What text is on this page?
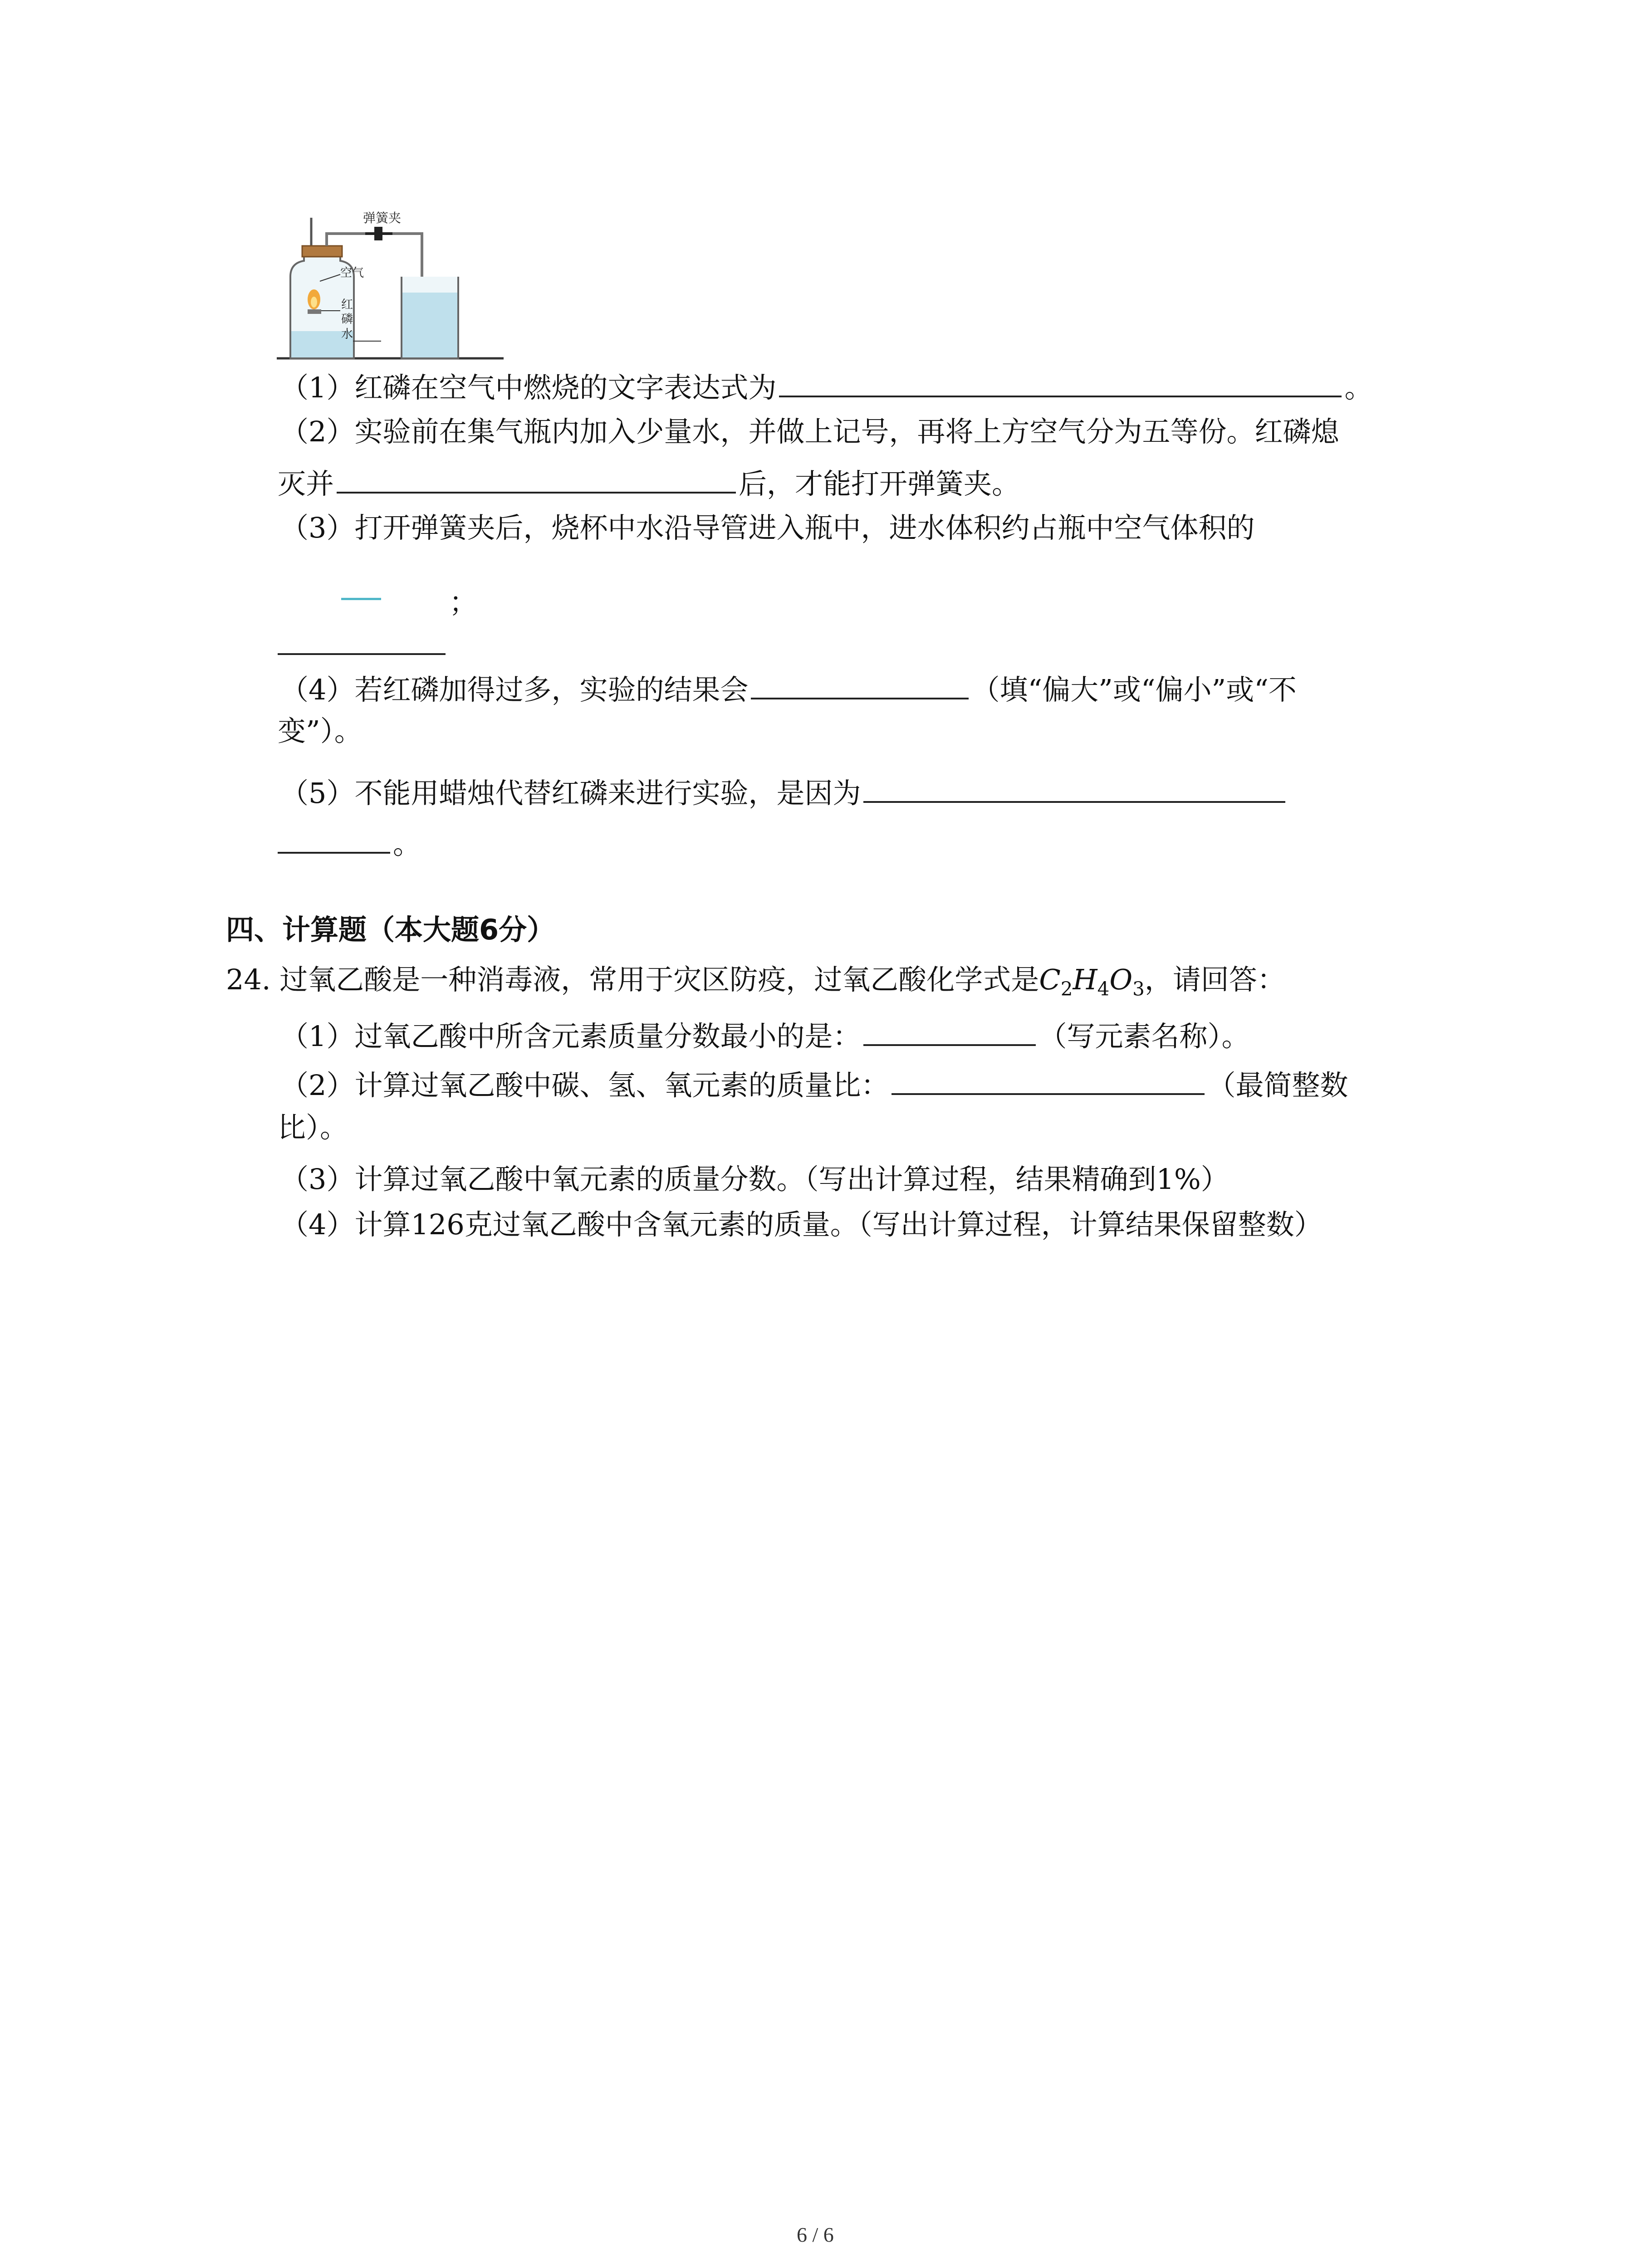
弹簧夹
空气
红
磷
水
（1）红磷在空气中燃烧的文字表达式为	。
（2）实验前在集气瓶内加入少量水，并做上记号，再将上方空气分为五等份。红磷熄
灭并	后，才能打开弹簧夹。
（3）打开弹簧夹后，烧杯中水沿导管进入瓶中，进水体积约占瓶中空气体积的
；
（4）若红磷加得过多，实验的结果会	（填“偏大”或“偏小”或“不
变”）。
（5）不能用蜡烛代替红磷来进行实验，是因为
。
四、计算题（本大题6分）
24. 过氧乙酸是一种消毒液，常用于灾区防疫，过氧乙酸化学式是$C_2H_4O_3$，请回答：
（1）过氧乙酸中所含元素质量分数最小的是：	（写元素名称）。
（2）计算过氧乙酸中碳、氢、氧元素的质量比：	（最简整数
比）。
（3）计算过氧乙酸中氧元素的质量分数。（写出计算过程，结果精确到1%）
（4）计算126克过氧乙酸中含氧元素的质量。（写出计算过程，计算结果保留整数）
6 / 6
